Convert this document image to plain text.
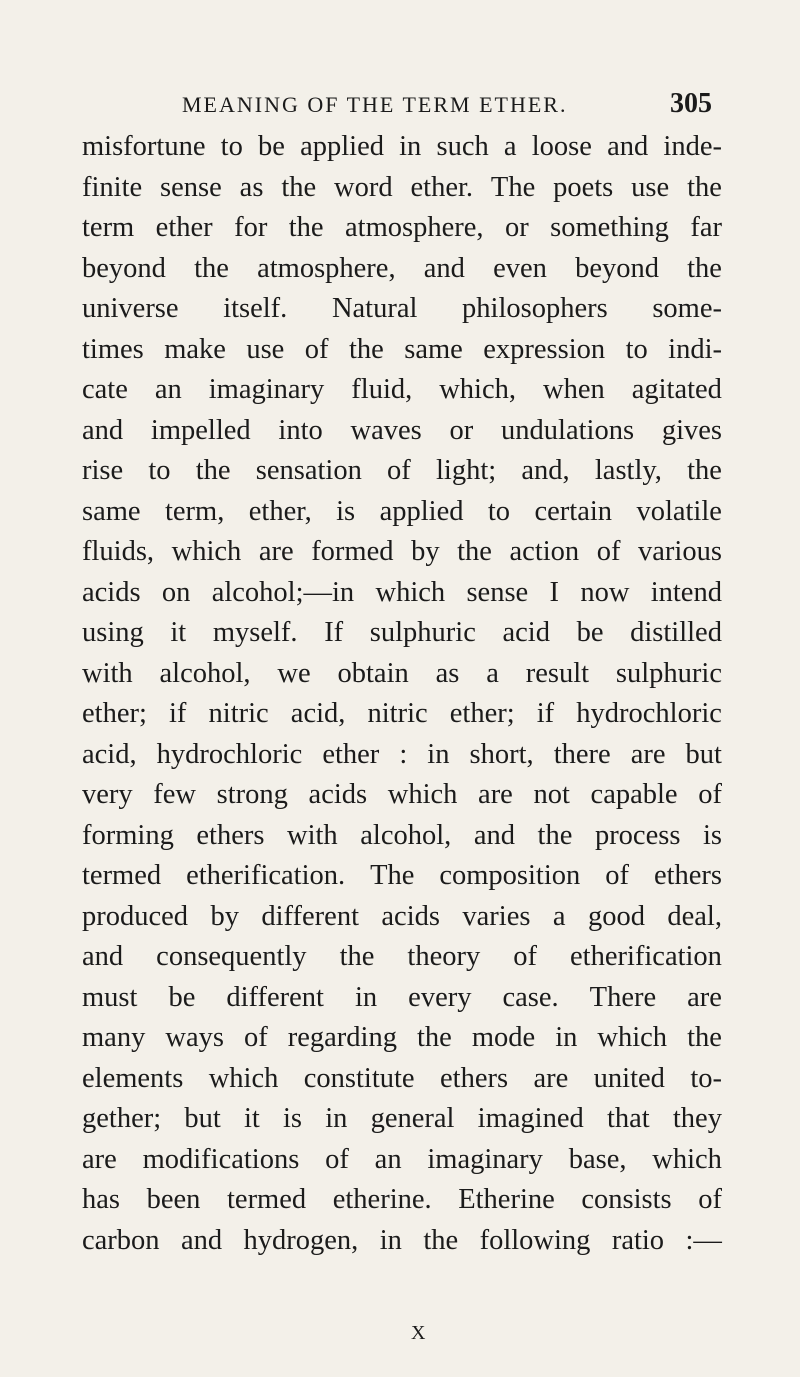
MEANING OF THE TERM ETHER.	305
misfortune to be applied in such a loose and inde-
finite sense as the word ether. The poets use the
term ether for the atmosphere, or something far
beyond the atmosphere, and even beyond the
universe itself. Natural philosophers some-
times make use of the same expression to indi-
cate an imaginary fluid, which, when agitated
and impelled into waves or undulations gives
rise to the sensation of light; and, lastly, the
same term, ether, is applied to certain volatile
fluids, which are formed by the action of various
acids on alcohol;—in which sense I now intend
using it myself. If sulphuric acid be distilled
with alcohol, we obtain as a result sulphuric
ether; if nitric acid, nitric ether; if hydrochloric
acid, hydrochloric ether : in short, there are but
very few strong acids which are not capable of
forming ethers with alcohol, and the process is
termed etherification. The composition of ethers
produced by different acids varies a good deal,
and consequently the theory of etherification
must be different in every case. There are
many ways of regarding the mode in which the
elements which constitute ethers are united to-
gether; but it is in general imagined that they
are modifications of an imaginary base, which
has been termed etherine. Etherine consists of
carbon and hydrogen, in the following ratio :—
X
